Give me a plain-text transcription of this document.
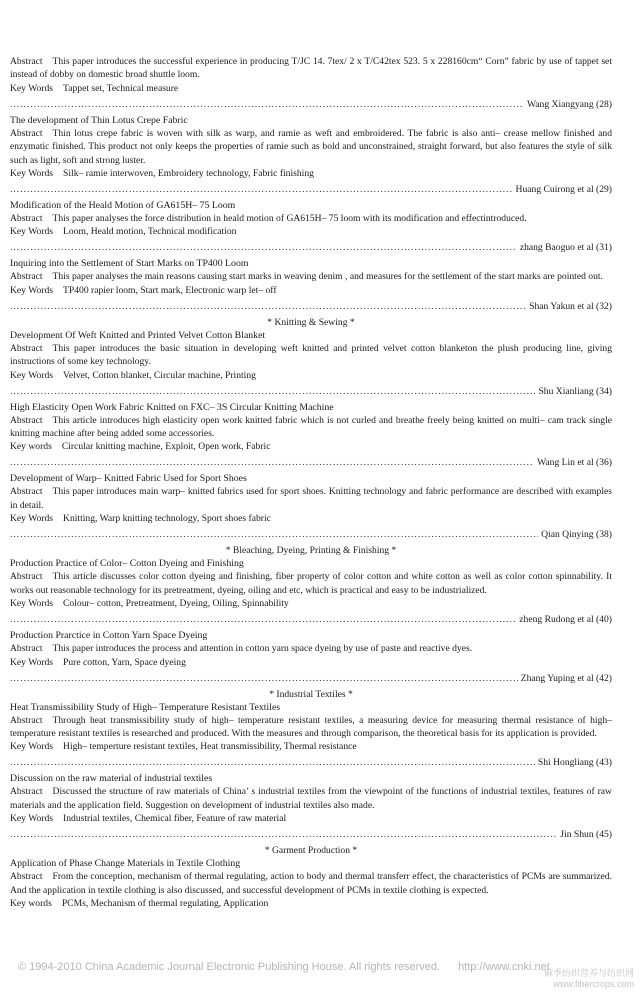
Abstract This paper introduces the successful experience in producing T/JC 14. 7tex/ 2 x T/C42tex 523. 5 x 228160cm“ Corn” fabric by use of tappet set instead of dobby on domestic broad shuttle loom.
Key Words Tappet set, Technical measure
.....
Wang Xiangyang (28)
The development of Thin Lotus Crepe Fabric
Abstract Thin lotus crepe fabric is woven with silk as warp, and ramie as weft and embroidered. The fabric is also anti– crease mellow finished and enzymatic finished. This product not only keeps the properties of ramie such as bold and unconstrained, straight forward, but also features the style of silk such as light, soft and strong luster.
Key Words Silk– ramie interwoven, Embroidery technology, Fabric finishing
.....
Huang Cuirong et al (29)
Modification of the Heald Motion of GA615H– 75 Loom
Abstract This paper analyses the force distribution in heald motion of GA615H– 75 loom with its modification and effectintroduced.
Key Words Loom, Heald motion, Technical modification
.....
zhang Baoguo et al (31)
Inquiring into the Settlement of Start Marks on TP400 Loom
Abstract This paper analyses the main reasons causing start marks in weaving denim , and measures for the settlement of the start marks are pointed out.
Key Words TP400 rapier loom, Start mark, Electronic warp let– off
.....
Shan Yakun et al (32)
* Knitting & Sewing *
Development Of Weft Knitted and Printed Velvet Cotton Blanket
Abstract This paper introduces the basic situation in developing weft knitted and printed velvet cotton blanketon the plush producing line, giving instructions of some key technology.
Key Words Velvet, Cotton blanket, Circular machine, Printing
.....
Shu Xianliang (34)
High Elasticity Open Work Fabric Knitted on FXC– 3S Circular Knitting Machine
Abstract This article introduces high elasticity open work knitted fabric which is not curled and breathe freely being knitted on multi– cam track single knitting machine after being added some accessories.
Key words Circular knitting machine, Exploit, Open work, Fabric
.....
Wang Lin et al (36)
Development of Warp– Knitted Fabric Used for Sport Shoes
Abstract This paper introduces main warp– knitted fabrics used for sport shoes. Knitting technology and fabric performance are described with examples in detail.
Key Words Knitting, Warp knitting technology, Sport shoes fabric
.....
Qian Qinying (38)
* Bleaching, Dyeing, Printing & Finishing *
Production Practice of Color– Cotton Dyeing and Finishing
Abstract This article discusses color cotton dyeing and finishing, fiber property of color cotton and white cotton as well as color cotton spinnability. It works out reasonable technology for its pretreatment, dyeing, oiling and etc, which is practical and easy to be industrialized.
Key Words Colour– cotton, Pretreatment, Dyeing, Oiling, Spinnability
.....
zheng Rudong et al (40)
Production Prarctice in Cotton Yarn Space Dyeing
Abstract This paper introduces the process and attention in cotton yarn space dyeing by use of paste and reactive dyes.
Key Words Pure cotton, Yarn, Space dyeing
.....
Zhang Yuping et al (42)
* Industrial Textiles *
Heat Transmissibility Study of High– Temperature Resistant Textiles
Abstract Through heat transmissibility study of high– temperature resistant textiles, a measuring device for measuring thermal resistance of high– temperature resistant textiles is researched and produced. With the measures and through comparison, the theoretical basis for its application is provided.
Key Words High– temperture resistant textiles, Heat transmissibility, Thermal resistance
.....
Shi Hongliang (43)
Discussion on the raw material of industrial textiles
Abstract Discussed the structure of raw materials of China’ s industrial textiles from the viewpoint of the functions of industrial textiles, features of raw materials and the application field. Suggestion on development of industrial textiles also made.
Key Words Industrial textiles, Chemical fiber, Feature of raw material
.....
Jin Shun (45)
* Garment Production *
Application of Phase Change Materials in Textile Clothing
Abstract From the conception, mechanism of thermal regulating, action to body and thermal transferr effect, the characteristics of PCMs are summarized. And the application in textile clothing is also discussed, and successful development of PCMs in textile clothing is expected.
Key words PCMs, Mechanism of thermal regulating, Application
© 1994-2010 China Academic Journal Electronic Publishing House. All rights reserved. http://www.cnki.net
麻季纺织营养与纺织网
www.fibercrops.com
